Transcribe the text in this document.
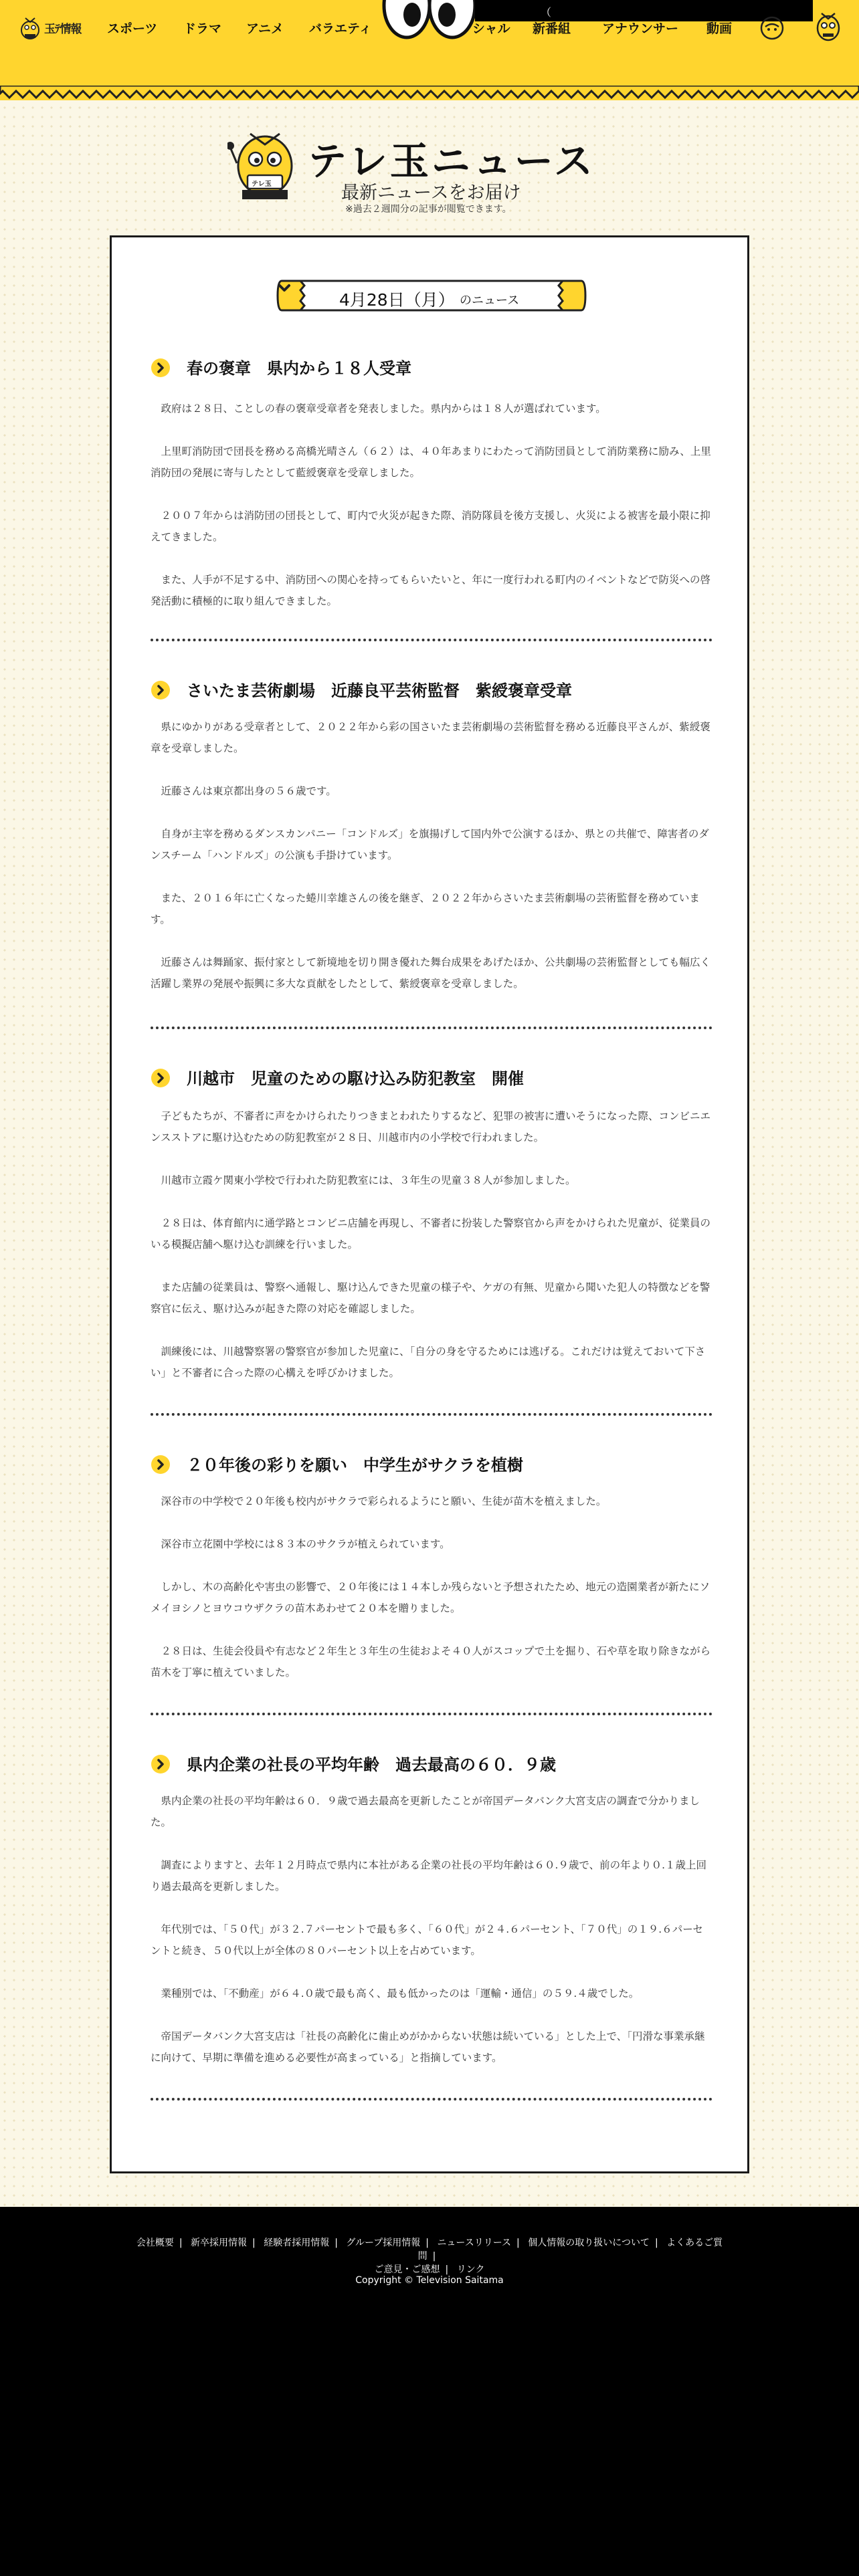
玉ﾃ情報 スポーツ ドラマ アニメ バラエティ	シャル 新番組 アナウンサー 動画
（
テレ玉
テレ玉ニュース

最新ニュースをお届け

※過去２週間分の記事が閲覧できます。

4月28日（月） のニュース
春の褒章　県内から１８人受章

政府は２８日、ことしの春の褒章受章者を発表しました。県内からは１８人が選ばれています。

上里町消防団で団長を務める高橋光晴さん（６２）は、４０年あまりにわたって消防団員として消防業務に励み、上里消防団の発展に寄与したとして藍綬褒章を受章しました。

２００７年からは消防団の団長として、町内で火災が起きた際、消防隊員を後方支援し、火災による被害を最小限に抑えてきました。

また、人手が不足する中、消防団への関心を持ってもらいたいと、年に一度行われる町内のイベントなどで防災への啓発活動に積極的に取り組んできました。

さいたま芸術劇場　近藤良平芸術監督　紫綬褒章受章

県にゆかりがある受章者として、２０２２年から彩の国さいたま芸術劇場の芸術監督を務める近藤良平さんが、紫綬褒章を受章しました。

近藤さんは東京都出身の５６歳です。

自身が主宰を務めるダンスカンパニー「コンドルズ」を旗揚げして国内外で公演するほか、県との共催で、障害者のダンスチーム「ハンドルズ」の公演も手掛けています。

また、２０１６年に亡くなった蜷川幸雄さんの後を継ぎ、２０２２年からさいたま芸術劇場の芸術監督を務めています。

近藤さんは舞踊家、振付家として新境地を切り開き優れた舞台成果をあげたほか、公共劇場の芸術監督としても幅広く活躍し業界の発展や振興に多大な貢献をしたとして、紫綬褒章を受章しました。

川越市　児童のための駆け込み防犯教室　開催

子どもたちが、不審者に声をかけられたりつきまとわれたりするなど、犯罪の被害に遭いそうになった際、コンビニエンスストアに駆け込むための防犯教室が２８日、川越市内の小学校で行われました。

川越市立霞ケ関東小学校で行われた防犯教室には、３年生の児童３８人が参加しました。

２８日は、体育館内に通学路とコンビニ店舗を再現し、不審者に扮装した警察官から声をかけられた児童が、従業員のいる模擬店舗へ駆け込む訓練を行いました。

また店舗の従業員は、警察へ通報し、駆け込んできた児童の様子や、ケガの有無、児童から聞いた犯人の特徴などを警察官に伝え、駆け込みが起きた際の対応を確認しました。

訓練後には、川越警察署の警察官が参加した児童に、「自分の身を守るためには逃げる。これだけは覚えておいて下さい」と不審者に合った際の心構えを呼びかけました。

２０年後の彩りを願い　中学生がサクラを植樹

深谷市の中学校で２０年後も校内がサクラで彩られるようにと願い、生徒が苗木を植えました。

深谷市立花園中学校には８３本のサクラが植えられています。

しかし、木の高齢化や害虫の影響で、２０年後には１４本しか残らないと予想されたため、地元の造園業者が新たにソメイヨシノとヨウコウザクラの苗木あわせて２０本を贈りました。

２８日は、生徒会役員や有志など２年生と３年生の生徒およそ４０人がスコップで土を掘り、石や草を取り除きながら苗木を丁寧に植えていました。

県内企業の社長の平均年齢　過去最高の６０．９歳

県内企業の社長の平均年齢は６０．９歳で過去最高を更新したことが帝国データバンク大宮支店の調査で分かりました。

調査によりますと、去年１２月時点で県内に本社がある企業の社長の平均年齢は６０.９歳で、前の年より０.１歳上回り過去最高を更新しました。

年代別では、「５０代」が３２.７パーセントで最も多く、「６０代」が２４.６パーセント、「７０代」の１９.６パーセントと続き、５０代以上が全体の８０パーセント以上を占めています。

業種別では、「不動産」が６４.０歳で最も高く、最も低かったのは「運輸・通信」の５９.４歳でした。

帝国データバンク大宮支店は「社長の高齢化に歯止めがかからない状態は続いている」とした上で、「円滑な事業承継に向けて、早期に準備を進める必要性が高まっている」と指摘しています。

会社概要 | 新卒採用情報 | 経験者採用情報 | グループ採用情報 | ニュースリリース | 個人情報の取り扱いについて | よくあるご質問 |
ご意見・ご感想 | リンク
Copyright © Television Saitama
